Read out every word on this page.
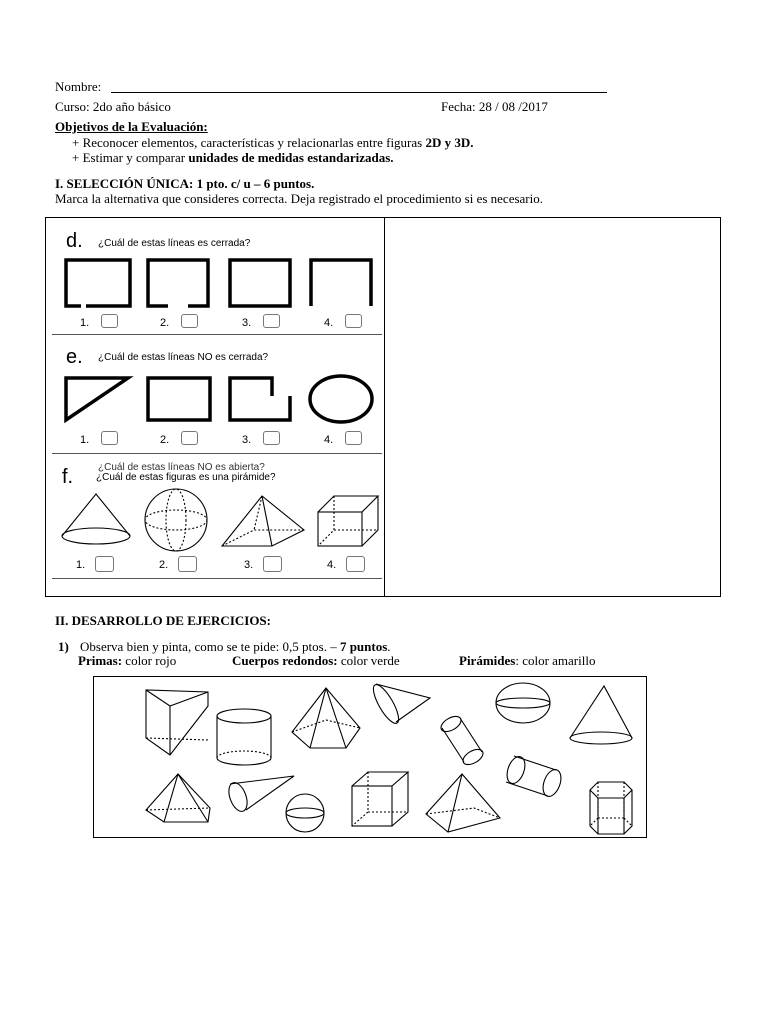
Nombre:
Curso: 2do año básico	Fecha: 28 / 08 /2017
Objetivos de la Evaluación:
+ Reconocer elementos, características y relacionarlas entre figuras 2D y 3D.
+ Estimar y comparar unidades de medidas estandarizadas.
I. SELECCIÓN ÚNICA: 1 pto. c/ u – 6 puntos.
Marca la alternativa que consideres correcta. Deja registrado el procedimiento si es necesario.
d. ¿Cuál de estas líneas es cerrada?
1.	2.	3.	4.
e. ¿Cuál de estas líneas NO es cerrada?
1.	2.	3.	4.
¿Cuál de estas líneas NO es abierta?
f. ¿Cuál de estas figuras es una pirámide?
1.	2.	3.	4.
II. DESARROLLO DE EJERCICIOS:
1) Observa bien y pinta, como se te pide: 0,5 ptos. – 7 puntos.
Primas: color rojo	Cuerpos redondos: color verde	Pirámides: color amarillo
